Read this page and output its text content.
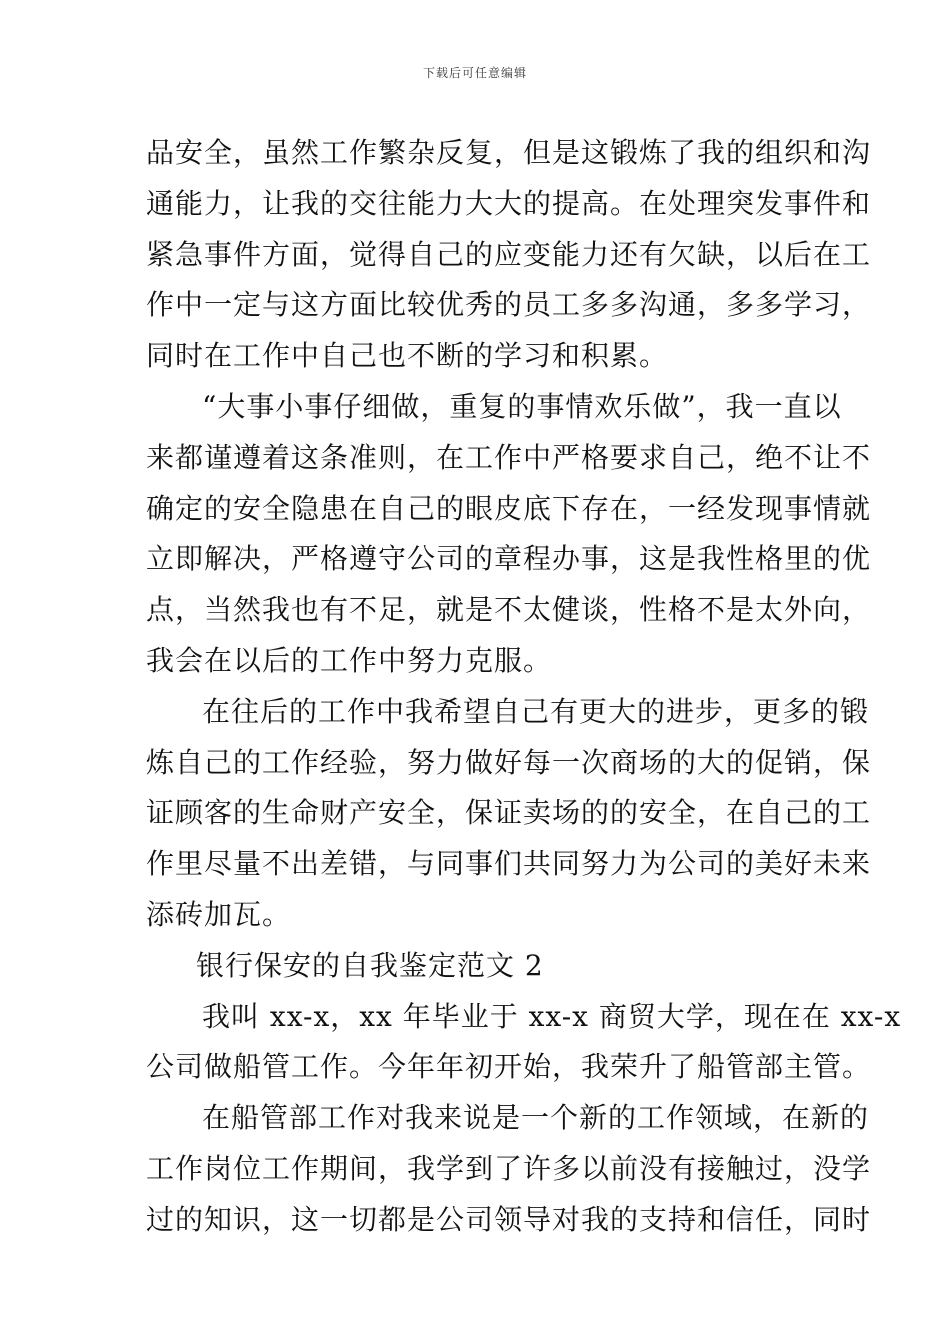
下载后可任意编辑
品安全，虽然工作繁杂反复，但是这锻炼了我的组织和沟
通能力，让我的交往能力大大的提高。在处理突发事件和
紧急事件方面，觉得自己的应变能力还有欠缺，以后在工
作中一定与这方面比较优秀的员工多多沟通，多多学习，
同时在工作中自己也不断的学习和积累。
“大事小事仔细做，重复的事情欢乐做”，我一直以
来都谨遵着这条准则，在工作中严格要求自己，绝不让不
确定的安全隐患在自己的眼皮底下存在，一经发现事情就
立即解决，严格遵守公司的章程办事，这是我性格里的优
点，当然我也有不足，就是不太健谈，性格不是太外向，
我会在以后的工作中努力克服。
在往后的工作中我希望自己有更大的进步，更多的锻
炼自己的工作经验，努力做好每一次商场的大的促销，保
证顾客的生命财产安全，保证卖场的的安全，在自己的工
作里尽量不出差错，与同事们共同努力为公司的美好未来
添砖加瓦。
银行保安的自我鉴定范文 2
我叫 xx-x，xx 年毕业于 xx-x 商贸大学，现在在 xx-x
公司做船管工作。今年年初开始，我荣升了船管部主管。
在船管部工作对我来说是一个新的工作领域，在新的
工作岗位工作期间，我学到了许多以前没有接触过，没学
过的知识，这一切都是公司领导对我的支持和信任，同时
